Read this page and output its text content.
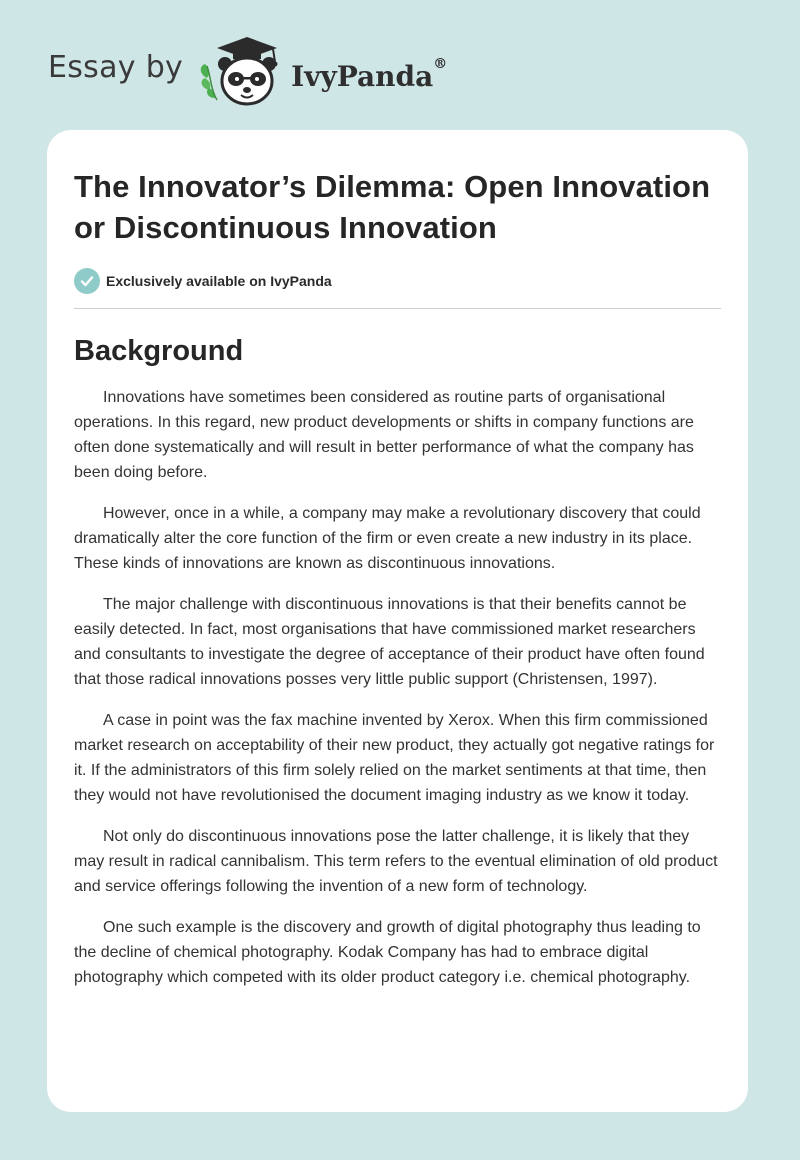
Essay by	IvyPanda®
The Innovator’s Dilemma: Open Innovation or Discontinuous Innovation
Exclusively available on IvyPanda
Background

Innovations have sometimes been considered as routine parts of organisational operations. In this regard, new product developments or shifts in company functions are often done systematically and will result in better performance of what the company has been doing before.

However, once in a while, a company may make a revolutionary discovery that could dramatically alter the core function of the firm or even create a new industry in its place. These kinds of innovations are known as discontinuous innovations.

The major challenge with discontinuous innovations is that their benefits cannot be easily detected. In fact, most organisations that have commissioned market researchers and consultants to investigate the degree of acceptance of their product have often found that those radical innovations posses very little public support (Christensen, 1997).

A case in point was the fax machine invented by Xerox. When this firm commissioned market research on acceptability of their new product, they actually got negative ratings for it. If the administrators of this firm solely relied on the market sentiments at that time, then they would not have revolutionised the document imaging industry as we know it today.

Not only do discontinuous innovations pose the latter challenge, it is likely that they may result in radical cannibalism. This term refers to the eventual elimination of old product and service offerings following the invention of a new form of technology.

One such example is the discovery and growth of digital photography thus leading to the decline of chemical photography. Kodak Company has had to embrace digital photography which competed with its older product category i.e. chemical photography.
